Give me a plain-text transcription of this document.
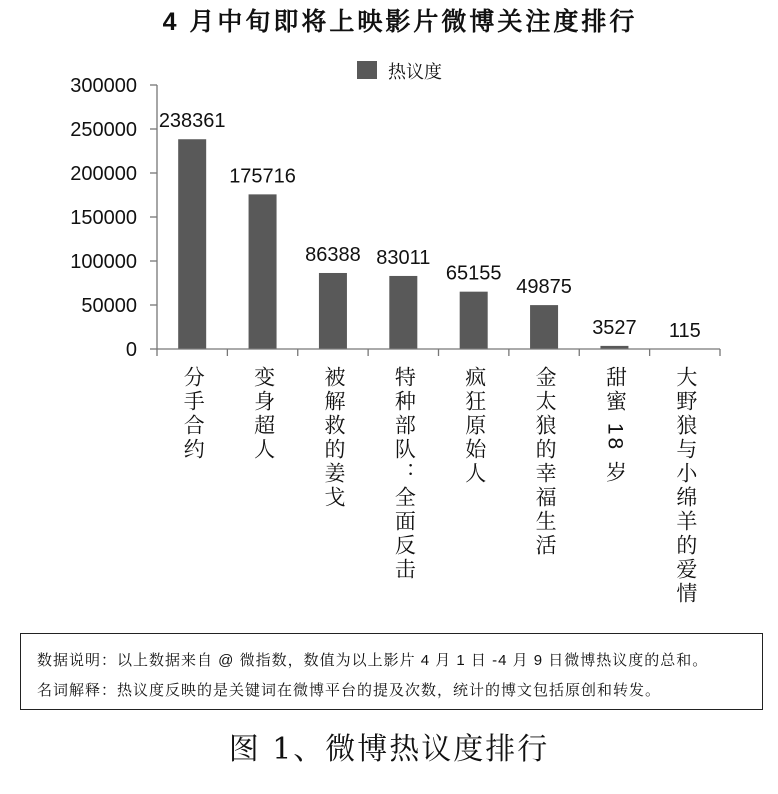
4 月中旬即将上映影片微博关注度排行
热议度
0
50000
100000
150000
200000
250000
300000
238361
175716
86388 83011
65155
49875
3527 115
分手合约 变身超人 被解救的姜戈 特种部队：全面反击 疯狂原始人 金太狼的幸福生活 甜蜜 18 岁 大野狼与小绵羊的爱情
数据说明：以上数据来自 @ 微指数，数值为以上影片 4 月 1 日 -4 月 9 日微博热议度的总和。
名词解释：热议度反映的是关键词在微博平台的提及次数，统计的博文包括原创和转发。
图 1、微博热议度排行
